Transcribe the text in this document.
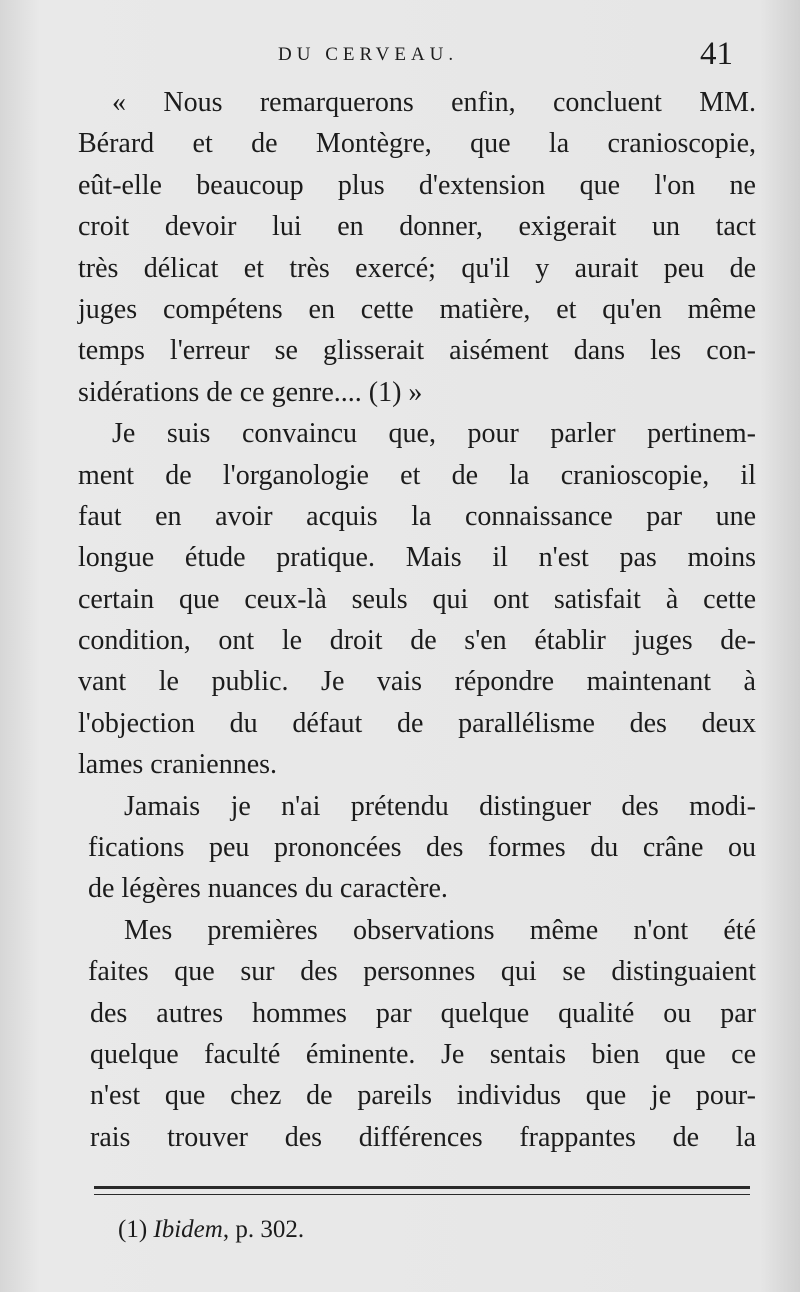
DU CERVEAU.	41
« Nous remarquerons enfin, concluent MM.
Bérard et de Montègre, que la cranioscopie,
eût-elle beaucoup plus d'extension que l'on ne
croit devoir lui en donner, exigerait un tact
très délicat et très exercé; qu'il y aurait peu de
juges compétens en cette matière, et qu'en même
temps l'erreur se glisserait aisément dans les con-
sidérations de ce genre.... (1) »
Je suis convaincu que, pour parler pertinem-
ment de l'organologie et de la cranioscopie, il
faut en avoir acquis la connaissance par une
longue étude pratique. Mais il n'est pas moins
certain que ceux-là seuls qui ont satisfait à cette
condition, ont le droit de s'en établir juges de-
vant le public. Je vais répondre maintenant à
l'objection du défaut de parallélisme des deux
lames craniennes.
Jamais je n'ai prétendu distinguer des modi-
fications peu prononcées des formes du crâne ou
de légères nuances du caractère.
Mes premières observations même n'ont été
faites que sur des personnes qui se distinguaient
des autres hommes par quelque qualité ou par
quelque faculté éminente. Je sentais bien que ce
n'est que chez de pareils individus que je pour-
rais trouver des différences frappantes de la
(1) Ibidem, p. 302.
